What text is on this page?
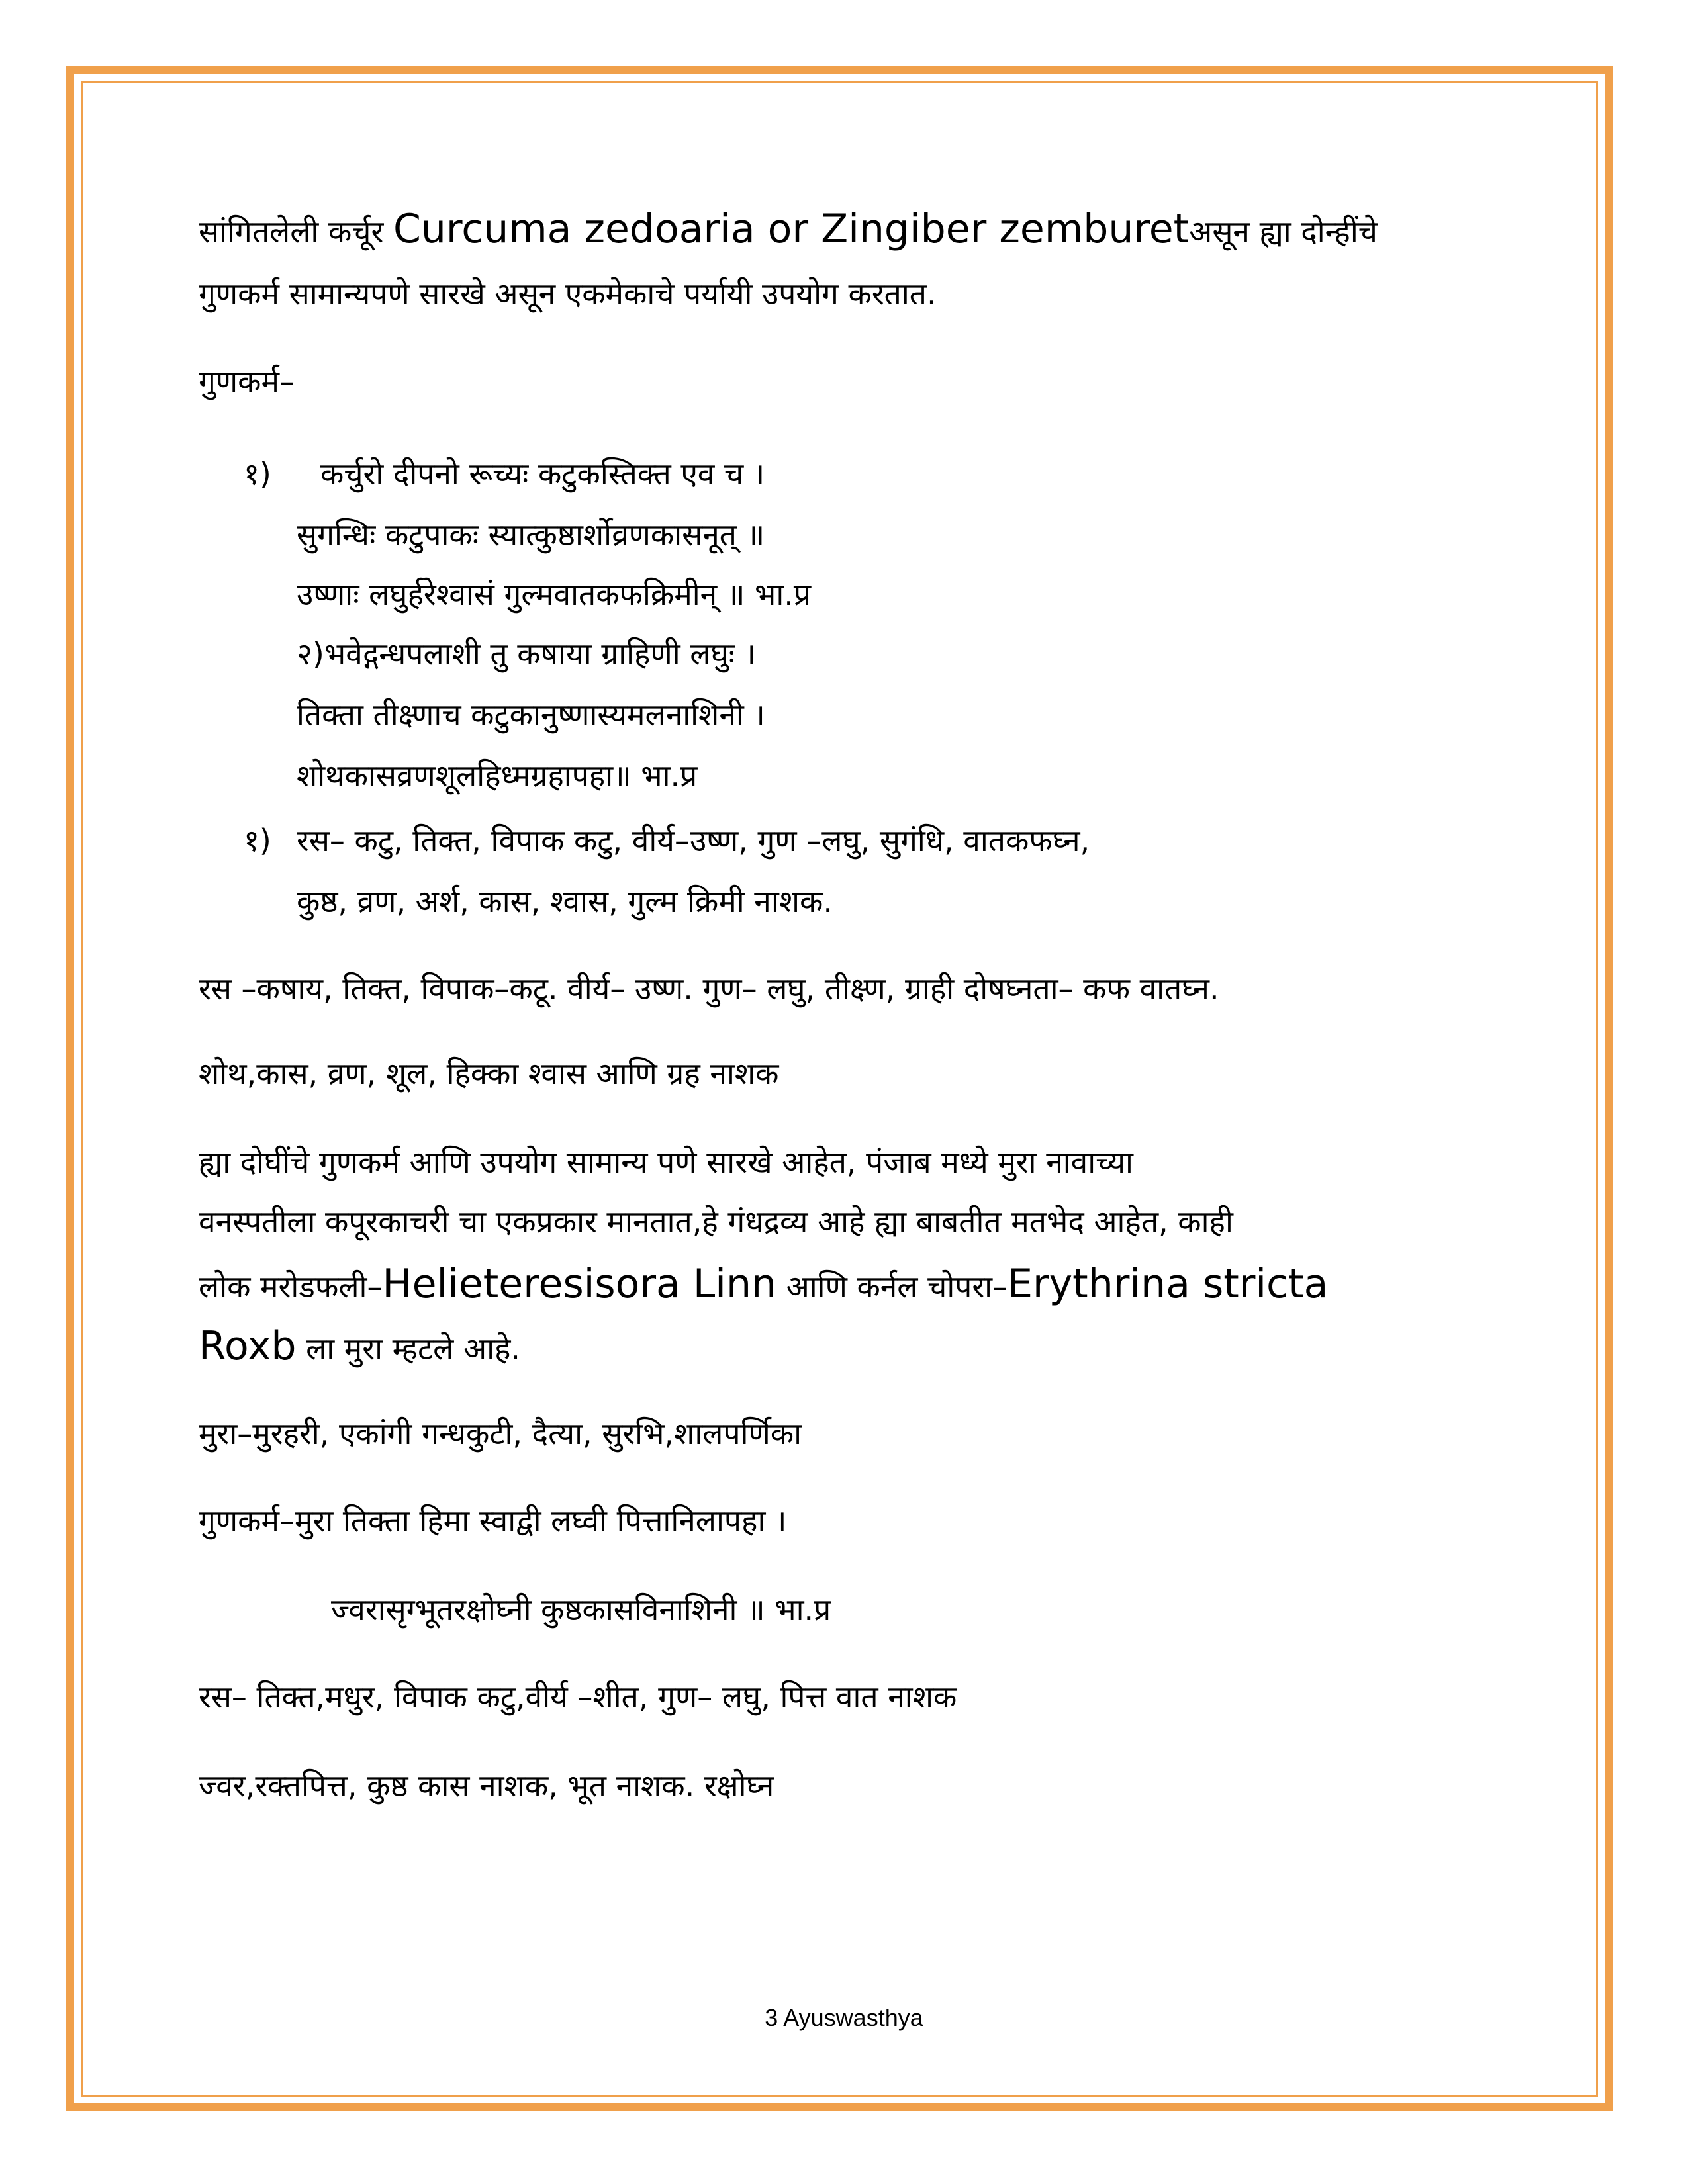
सांगितलेली कर्चूर Curcuma zedoaria or Zingiber zemburetअसून ह्या दोन्हींचे
गुणकर्म सामान्यपणे सारखे असून एकमेकाचे पर्यायी उपयोग करतात.
गुणकर्म–
१) कर्चुरो दीपनो रूच्यः कटुकस्तिक्त एव च ।
सुगन्धिः कटुपाकः स्यात्कुष्ठार्शोव्रणकासनूत् ॥
उष्णाः लघुर्हरेश्वासं गुल्मवातकफक्रिमीन् ॥ भा.प्र
२)भवेद्गन्धपलाशी तु कषाया ग्राहिणी लघुः ।
तिक्ता तीक्ष्णाच कटुकानुष्णास्यमलनाशिनी ।
शोथकासव्रणशूलहिध्मग्रहापहा॥ भा.प्र
१) रस– कटु, तिक्त, विपाक कटु, वीर्य–उष्ण, गुण –लघु, सुगंधि, वातकफघ्न,
कुष्ठ, व्रण, अर्श, कास, श्वास, गुल्म क्रिमी नाशक.
रस –कषाय, तिक्त, विपाक–कटू. वीर्य– उष्ण. गुण– लघु, तीक्ष्ण, ग्राही दोषघ्नता– कफ वातघ्न.
शोथ,कास, व्रण, शूल, हिक्का श्वास आणि ग्रह नाशक
ह्या दोघींचे गुणकर्म आणि उपयोग सामान्य पणे सारखे आहेत, पंजाब मध्ये मुरा नावाच्या
वनस्पतीला कपूरकाचरी चा एकप्रकार मानतात,हे गंधद्रव्य आहे ह्या बाबतीत मतभेद आहेत, काही
लोक मरोडफली–Helieteresisora Linn आणि कर्नल चोपरा–Erythrina stricta
Roxb ला मुरा म्हटले आहे.
मुरा–मुरहरी, एकांगी गन्धकुटी, दैत्या, सुरभि,शालपर्णिका
गुणकर्म–मुरा तिक्ता हिमा स्वाद्वी लघ्वी पित्तानिलापहा ।
ज्वरासृग्भूतरक्षोघ्नी कुष्ठकासविनाशिनी ॥ भा.प्र
रस– तिक्त,मधुर, विपाक कटु,वीर्य –शीत, गुण– लघु, पित्त वात नाशक
ज्वर,रक्तपित्त, कुष्ठ कास नाशक, भूत नाशक. रक्षोघ्न
3 Ayuswasthya
